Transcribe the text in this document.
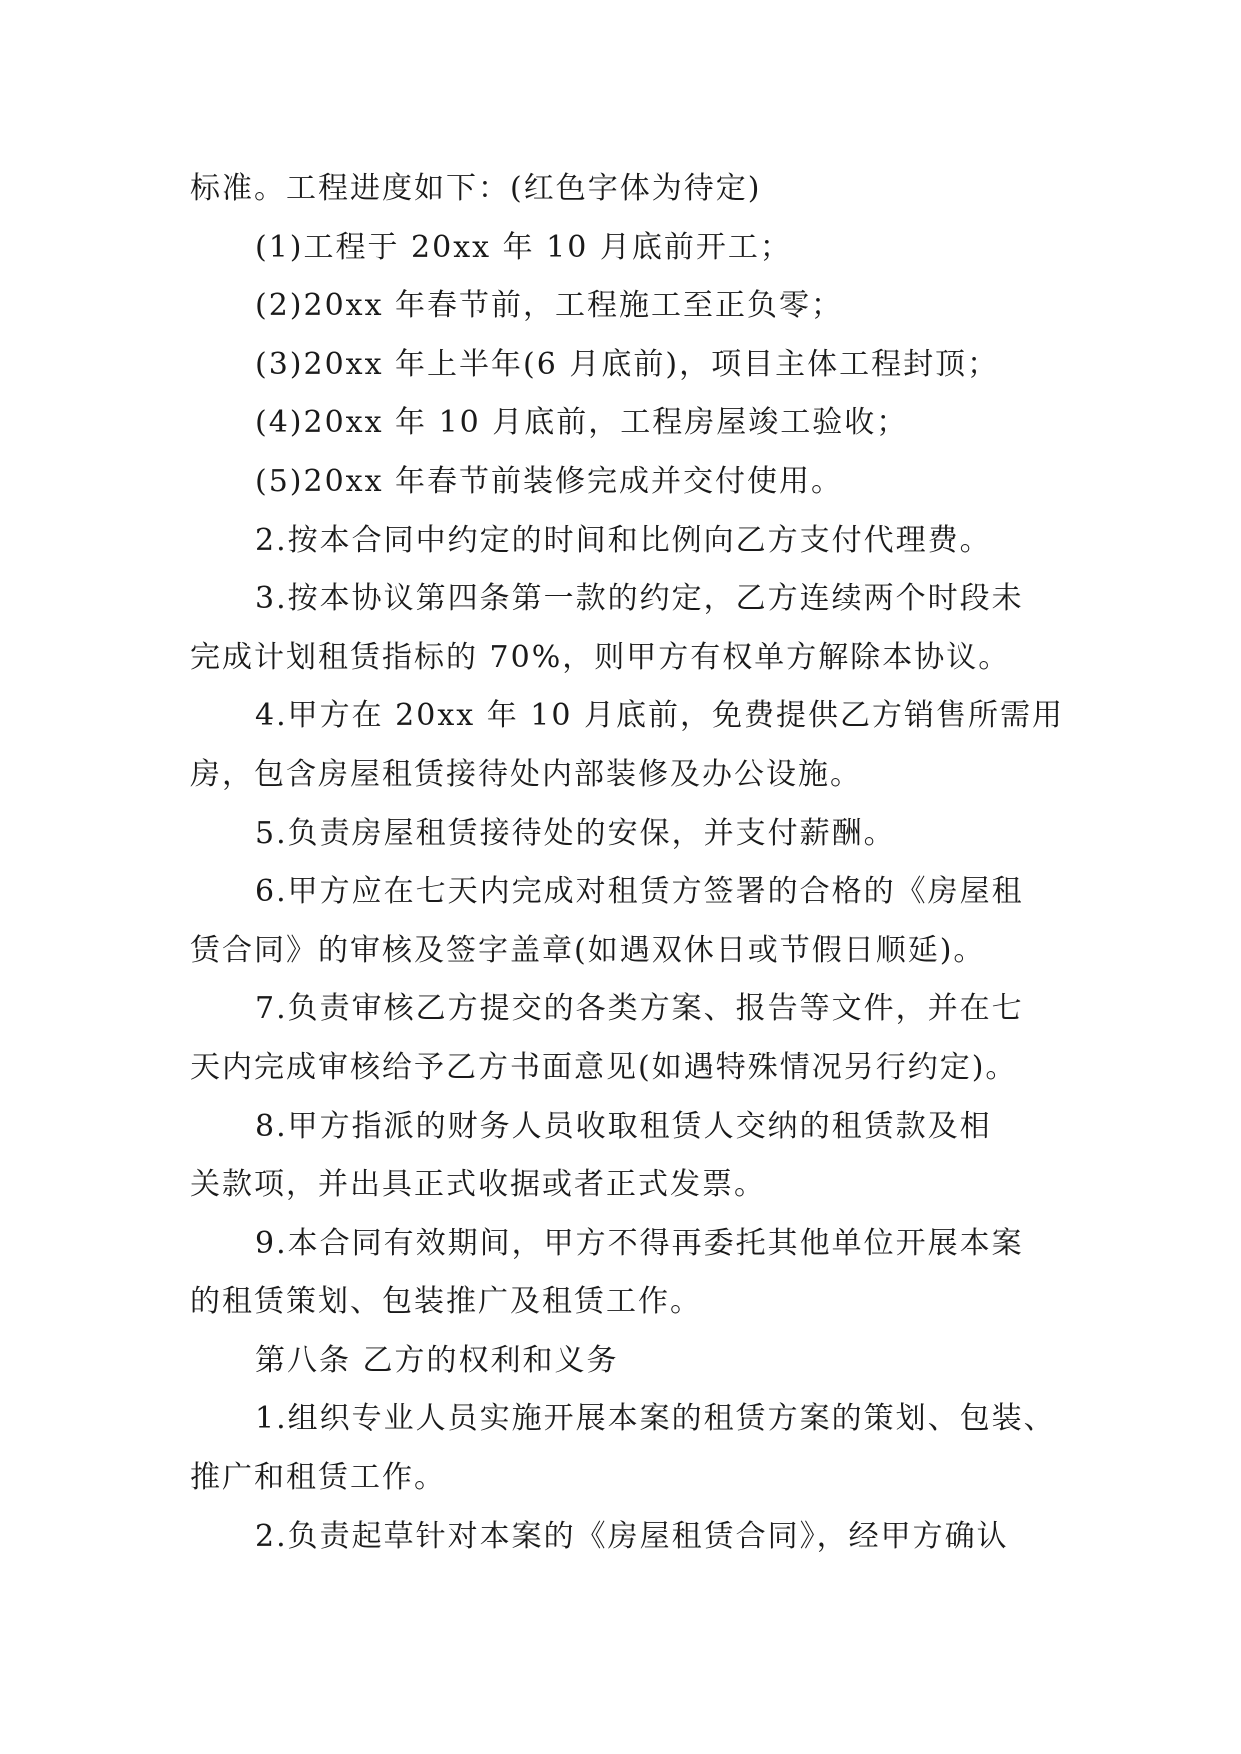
标准。工程进度如下：(红色字体为待定)
(1)工程于 20xx 年 10 月底前开工；
(2)20xx 年春节前，工程施工至正负零；
(3)20xx 年上半年(6 月底前)，项目主体工程封顶；
(4)20xx 年 10 月底前，工程房屋竣工验收；
(5)20xx 年春节前装修完成并交付使用。
2.按本合同中约定的时间和比例向乙方支付代理费。
3.按本协议第四条第一款的约定，乙方连续两个时段未
完成计划租赁指标的 70%，则甲方有权单方解除本协议。
4.甲方在 20xx 年 10 月底前，免费提供乙方销售所需用
房，包含房屋租赁接待处内部装修及办公设施。
5.负责房屋租赁接待处的安保，并支付薪酬。
6.甲方应在七天内完成对租赁方签署的合格的《房屋租
赁合同》的审核及签字盖章(如遇双休日或节假日顺延)。
7.负责审核乙方提交的各类方案、报告等文件，并在七
天内完成审核给予乙方书面意见(如遇特殊情况另行约定)。
8.甲方指派的财务人员收取租赁人交纳的租赁款及相
关款项，并出具正式收据或者正式发票。
9.本合同有效期间，甲方不得再委托其他单位开展本案
的租赁策划、包装推广及租赁工作。
第八条 乙方的权利和义务
1.组织专业人员实施开展本案的租赁方案的策划、包装、
推广和租赁工作。
2.负责起草针对本案的《房屋租赁合同》，经甲方确认
